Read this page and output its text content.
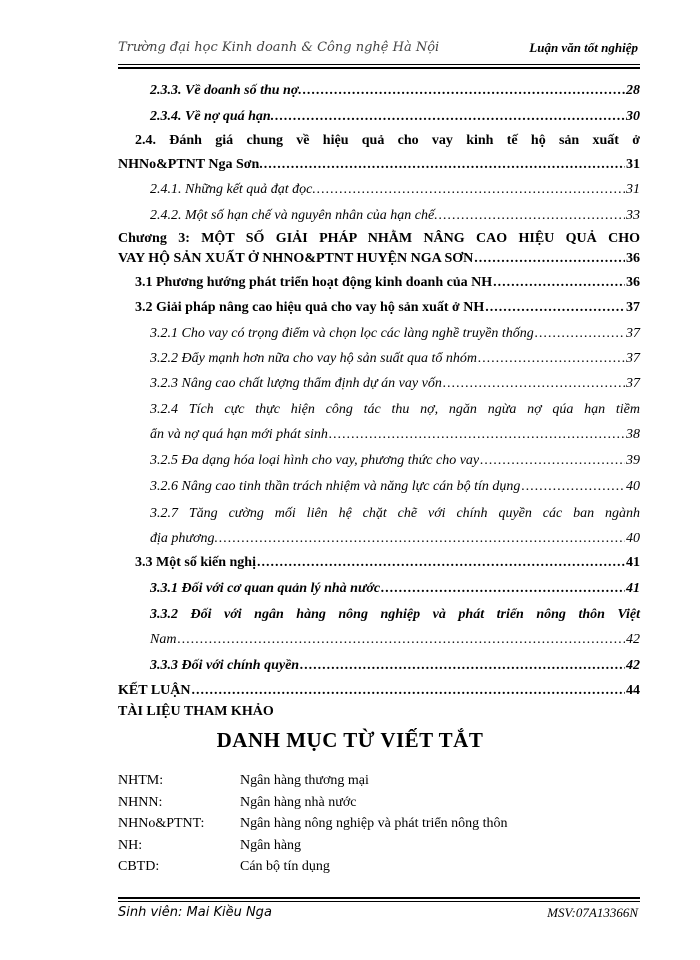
Trường đại học Kinh doanh & Công nghệ Hà Nội	Luận văn tốt nghiệp
2.3.3. Về doanh số thu nợ. .....	28
2.3.4. Về nợ quá hạn. .....	30
2.4. Đánh giá chung về hiệu quả cho vay kinh tế hộ sản xuất ở
NHNo&PTNT Nga Sơn. .....	31
2.4.1. Những kết quả đạt đọc. .....	31
2.4.2. Một số hạn chế và nguyên nhân của hạn chế. .....	33
Chương 3: MỘT SỐ GIẢI PHÁP NHẰM NÂNG CAO HIỆU QUẢ CHO
VAY HỘ SẢN XUẤT Ở NHNO&PTNT HUYỆN NGA SƠN .....	36
3.1 Phương hướng phát triển hoạt động kinh doanh của NH .....	36
3.2 Giải pháp nâng cao hiệu quả cho vay hộ sản xuất ở NH .....	37
3.2.1 Cho vay có trọng điểm và chọn lọc các làng nghề truyền thống .....	37
3.2.2 Đẩy mạnh hơn nữa cho vay hộ sản suất qua tổ nhóm .....	37
3.2.3 Nâng cao chất lượng thẩm định dự án vay vốn .....	37
3.2.4 Tích cực thực hiện công tác thu nợ, ngăn ngừa nợ qúa hạn tiềm
ẩn và nợ quá hạn mới phát sinh .....	38
3.2.5 Đa dạng hóa loại hình cho vay, phương thức cho vay .....	39
3.2.6 Nâng cao tinh thần trách nhiệm và năng lực cán bộ tín dụng .....	40
3.2.7 Tăng cường mối liên hệ chặt chẽ với chính quyền các ban ngành
địa phương. .....	40
3.3 Một số kiến nghị .....	41
3.3.1 Đối với cơ quan quản lý nhà nước .....	41
3.3.2 Đối với ngân hàng nông nghiệp và phát triển nông thôn Việt
Nam .....	42
3.3.3 Đối với chính quyền .....	42
KẾT LUẬN .....	44
TÀI LIỆU THAM KHẢO
DANH MỤC TỪ VIẾT TẮT
NHTM:	Ngân hàng thương mại
NHNN:	Ngân hàng nhà nước
NHNo&PTNT:	Ngân hàng nông nghiệp và phát triển nông thôn
NH:	Ngân hàng
CBTD:	Cán bộ tín dụng
Sinh viên: Mai Kiều Nga	MSV:07A13366N
